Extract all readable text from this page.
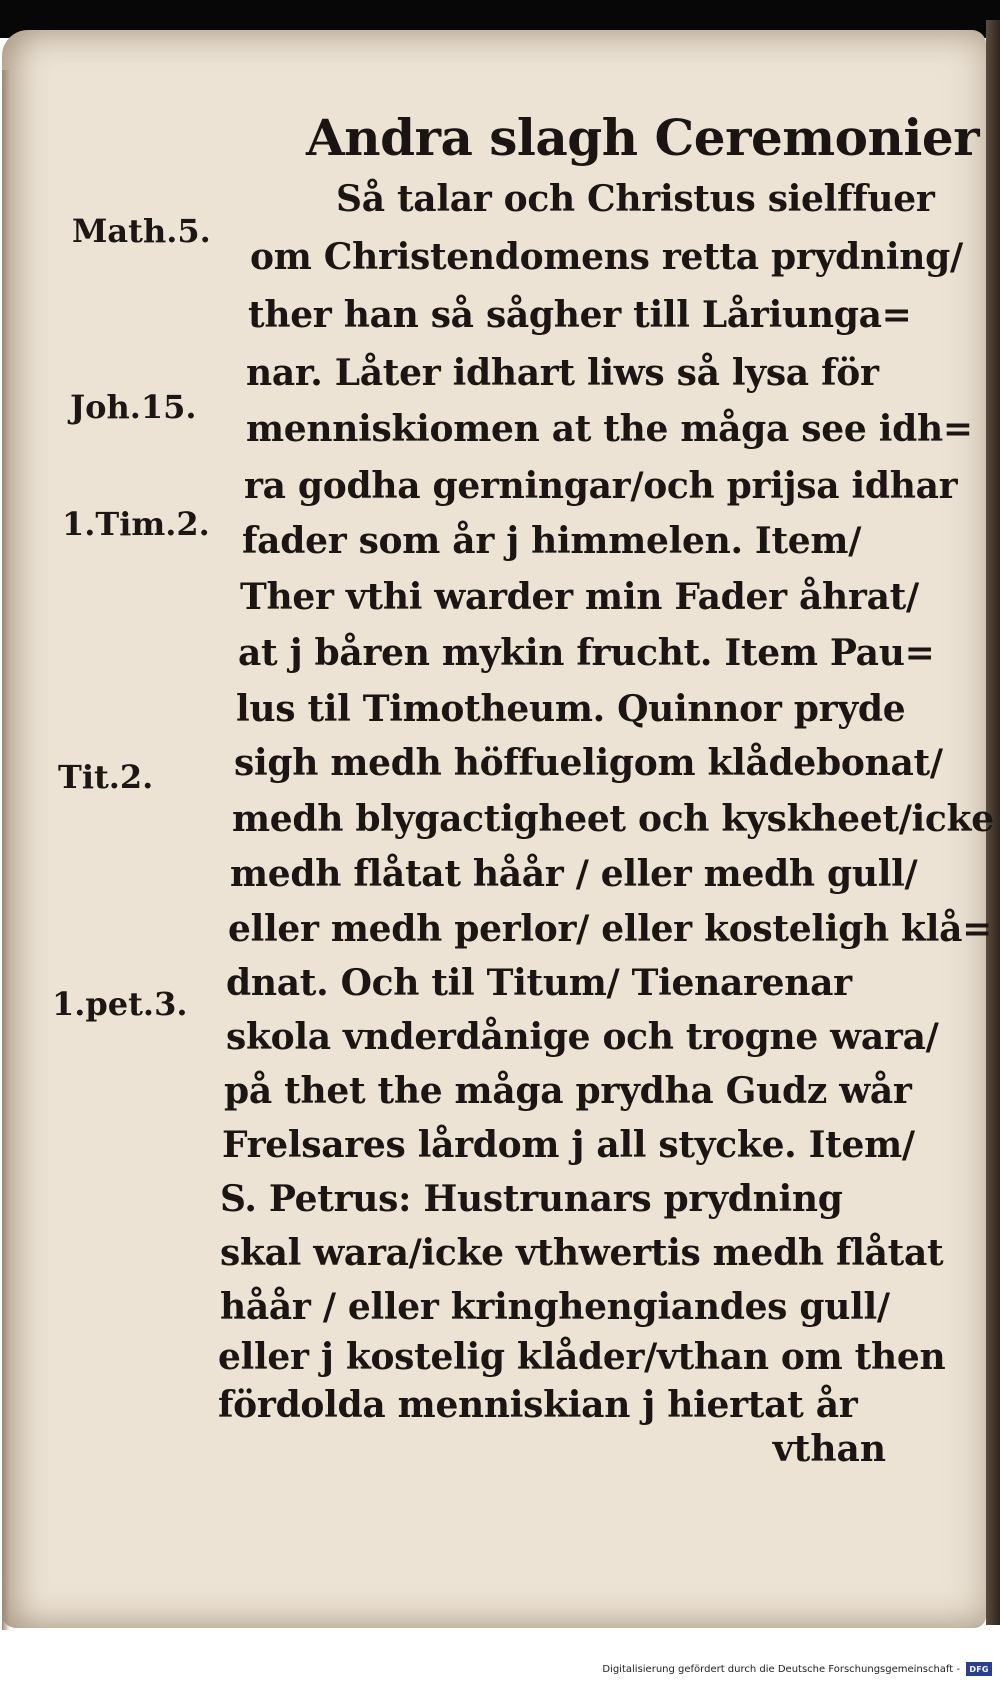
Andra slagh Ceremonier

Math.5.

Joh.15.

1.Tim.2.

Tit.2.

1.pet.3.

Så talar och Christus sielffuer

om Christendomens retta prydning/

ther han så sågher till Låriunga=

nar. Låter idhart liws så lysa för

menniskiomen at the måga see idh=

ra godha gerningar/och prijsa idhar

fader som år j himmelen. Item/

Ther vthi warder min Fader åhrat/

at j båren mykin frucht. Item Pau=

lus til Timotheum. Quinnor pryde

sigh medh höffueligom klådebonat/

medh blygactigheet och kyskheet/icke

medh flåtat håår / eller medh gull/

eller medh perlor/ eller kosteligh klå=

dnat. Och til Titum/ Tienarenar

skola vnderdånige och trogne wara/

på thet the måga prydha Gudz wår

Frelsares lårdom j all stycke. Item/

S. Petrus: Hustrunars prydning

skal wara/icke vthwertis medh flåtat

håår / eller kringhengiandes gull/

eller j kostelig klåder/vthan om then

fördolda menniskian j hiertat år

vthan

Digitalisierung gefördert durch die Deutsche Forschungsgemeinschaft -	DFG
